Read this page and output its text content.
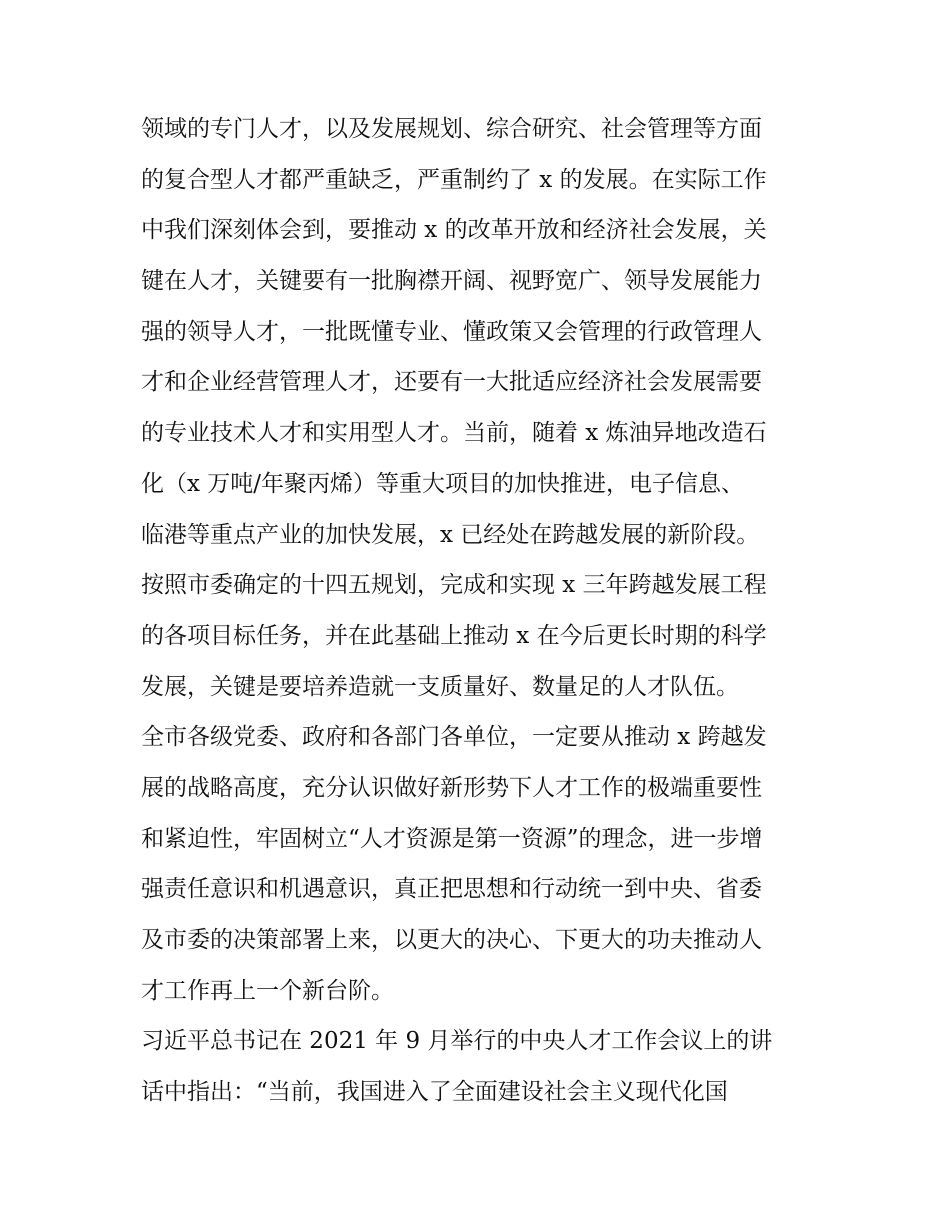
领域的专门人才，以及发展规划、综合研究、社会管理等方面
的复合型人才都严重缺乏，严重制约了 x 的发展。在实际工作
中我们深刻体会到，要推动 x 的改革开放和经济社会发展，关
键在人才，关键要有一批胸襟开阔、视野宽广、领导发展能力
强的领导人才，一批既懂专业、懂政策又会管理的行政管理人
才和企业经营管理人才，还要有一大批适应经济社会发展需要
的专业技术人才和实用型人才。当前，随着 x 炼油异地改造石
化（x 万吨/年聚丙烯）等重大项目的加快推进，电子信息、
临港等重点产业的加快发展，x 已经处在跨越发展的新阶段。
按照市委确定的十四五规划，完成和实现 x 三年跨越发展工程
的各项目标任务，并在此基础上推动 x 在今后更长时期的科学
发展，关键是要培养造就一支质量好、数量足的人才队伍。
全市各级党委、政府和各部门各单位，一定要从推动 x 跨越发
展的战略高度，充分认识做好新形势下人才工作的极端重要性
和紧迫性，牢固树立“人才资源是第一资源”的理念，进一步增
强责任意识和机遇意识，真正把思想和行动统一到中央、省委
及市委的决策部署上来，以更大的决心、下更大的功夫推动人
才工作再上一个新台阶。
习近平总书记在 2021 年 9 月举行的中央人才工作会议上的讲
话中指出：“当前，我国进入了全面建设社会主义现代化国
